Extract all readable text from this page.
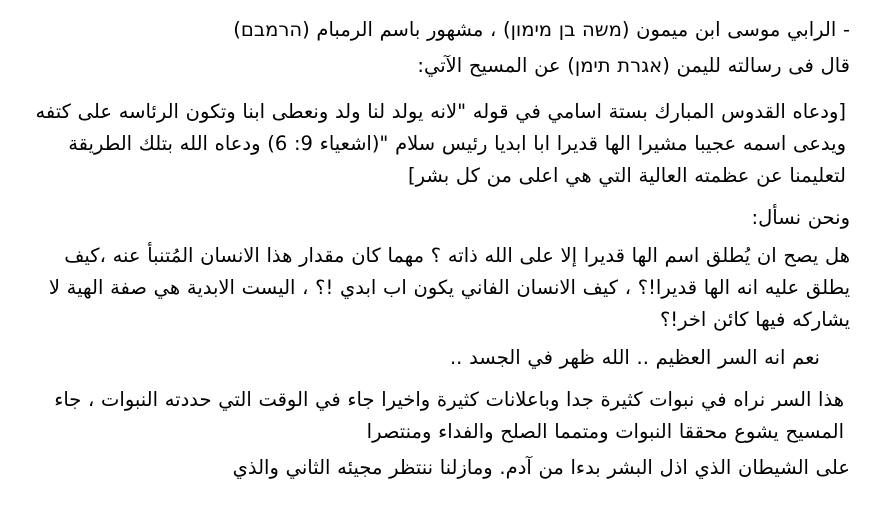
- الرابي موسى ابن ميمون (משה בן מימון) ، مشهور باسم الرمبام (הרמבם)

قال فى رسالته لليمن (אגרת תימן) عن المسيح الآتي:

[ودعاه القدوس المبارك بستة اسامي في قوله "لانه يولد لنا ولد ونعطى ابنا وتكون الرئاسه على كتفه ويدعى اسمه عجيبا مشيرا الها قديرا ابا ابديا رئيس سلام "(اشعياء 9: 6) ودعاه الله بتلك الطريقة لتعليمنا عن عظمته العالية التي هي اعلى من كل بشر]

ونحن نسأل:

هل يصح ان يُطلق اسم الها قديرا إلا على الله ذاته ؟ مهما كان مقدار هذا الانسان المُتنبأ عنه ،كيف يطلق عليه انه الها قديرا!؟ ، كيف الانسان الفاني يكون اب ابدي !؟ ، اليست الابدية هي صفة الهية لا يشاركه فيها كائن اخر!؟

نعم انه السر العظيم .. الله ظهر في الجسد ..

هذا السر نراه في نبوات كثيرة جدا وباعلانات كثيرة واخيرا جاء في الوقت التي حددته النبوات ، جاء المسيح يشوع محققا النبوات ومتمما الصلح والفداء ومنتصرا

على الشيطان الذي اذل البشر بدءا من آدم. ومازلنا ننتظر مجيئه الثاني والذي
